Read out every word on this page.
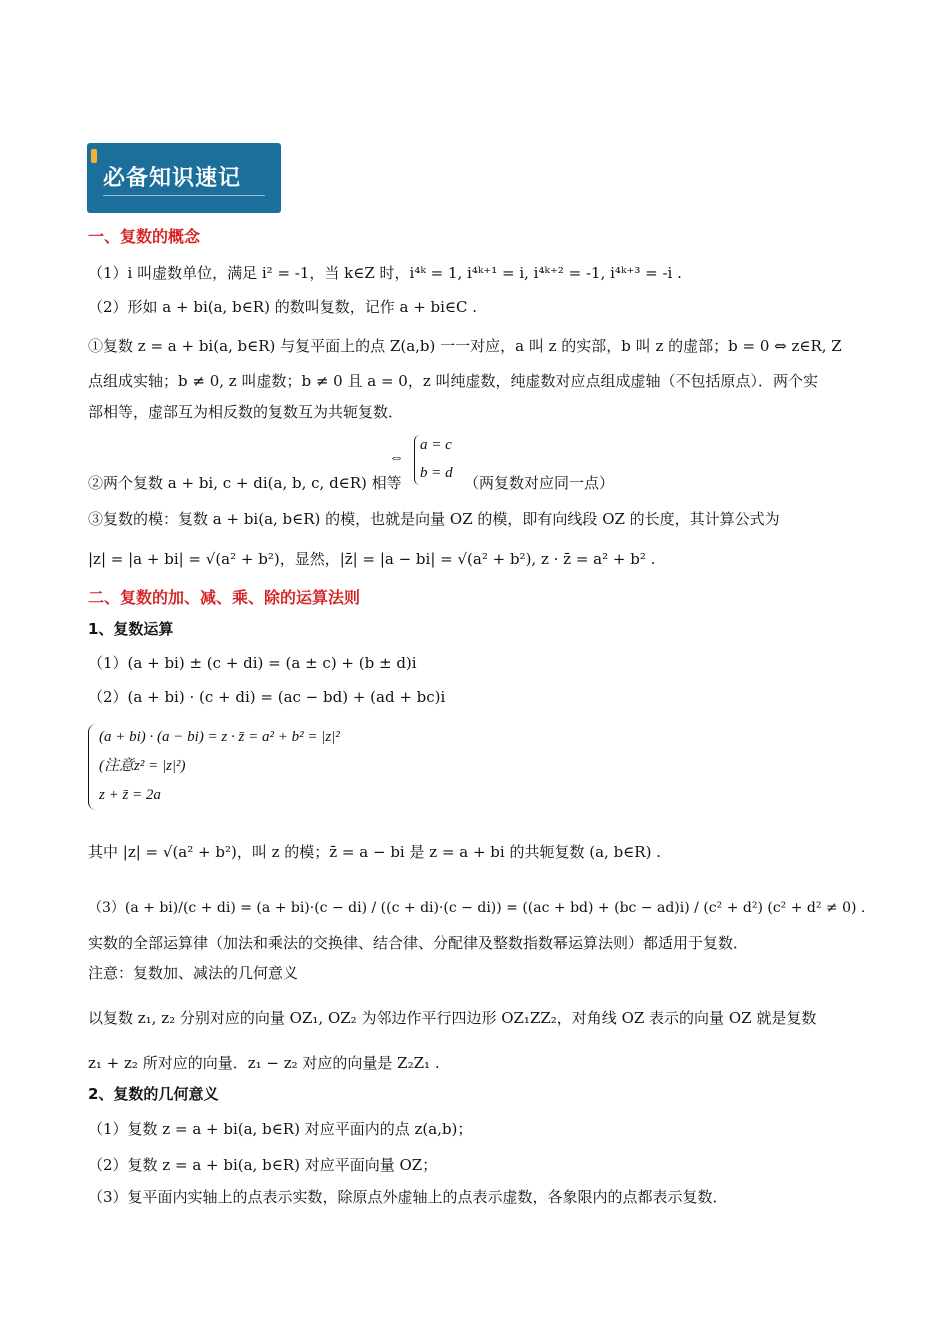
必备知识速记
一、复数的概念
（1）i 叫虚数单位，满足 i² = -1，当 k∈Z 时，i⁴ᵏ = 1, i⁴ᵏ⁺¹ = i, i⁴ᵏ⁺² = -1, i⁴ᵏ⁺³ = -i .
（2）形如 a + bi(a, b∈R) 的数叫复数，记作 a + bi∈C .
①复数 z = a + bi(a, b∈R) 与复平面上的点 Z(a,b) 一一对应，a 叫 z 的实部，b 叫 z 的虚部；b = 0 ⇔ z∈R, Z
点组成实轴；b ≠ 0, z 叫虚数；b ≠ 0 且 a = 0，z 叫纯虚数，纯虚数对应点组成虚轴（不包括原点）．两个实
部相等，虚部互为相反数的复数互为共轭复数．
⇔
a = c
b = d
②两个复数 a + bi, c + di(a, b, c, d∈R) 相等	（两复数对应同一点）
③复数的模：复数 a + bi(a, b∈R) 的模，也就是向量 OZ 的模，即有向线段 OZ 的长度，其计算公式为
|z| = |a + bi| = √(a² + b²)，显然，|z̄| = |a − bi| = √(a² + b²), z · z̄ = a² + b² .
二、复数的加、减、乘、除的运算法则
1、复数运算
（1）(a + bi) ± (c + di) = (a ± c) + (b ± d)i
（2）(a + bi) · (c + di) = (ac − bd) + (ad + bc)i
(a + bi) · (a − bi) = z · z̄ = a² + b² = |z|²
(注意z² = |z|²)
z + z̄ = 2a
其中 |z| = √(a² + b²)，叫 z 的模；z̄ = a − bi 是 z = a + bi 的共轭复数 (a, b∈R) .
（3）(a + bi)/(c + di) = (a + bi)·(c − di) / ((c + di)·(c − di)) = ((ac + bd) + (bc − ad)i) / (c² + d²) (c² + d² ≠ 0) .
实数的全部运算律（加法和乘法的交换律、结合律、分配律及整数指数幂运算法则）都适用于复数．
注意：复数加、减法的几何意义
以复数 z₁, z₂ 分别对应的向量 OZ₁, OZ₂ 为邻边作平行四边形 OZ₁ZZ₂，对角线 OZ 表示的向量 OZ 就是复数
z₁ + z₂ 所对应的向量．z₁ − z₂ 对应的向量是 Z₂Z₁ .
2、复数的几何意义
（1）复数 z = a + bi(a, b∈R) 对应平面内的点 z(a,b)；
（2）复数 z = a + bi(a, b∈R) 对应平面向量 OZ；
（3）复平面内实轴上的点表示实数，除原点外虚轴上的点表示虚数，各象限内的点都表示复数．
